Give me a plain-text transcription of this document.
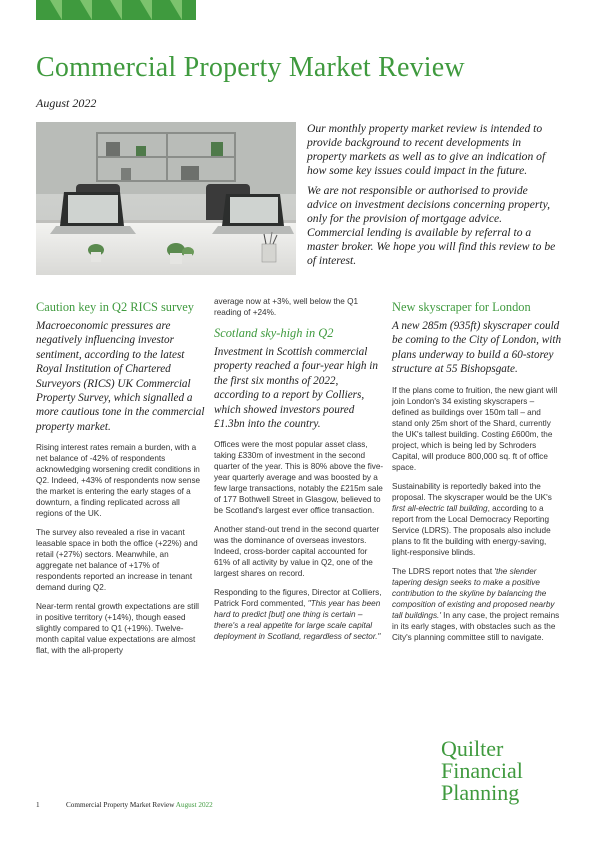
Commercial Property Market Review
August 2022

Our monthly property market review is intended to provide background to recent developments in property markets as well as to give an indication of how some key issues could impact in the future.

We are not responsible or authorised to provide advice on investment decisions concerning property, only for the provision of mortgage advice. Commercial lending is available by referral to a master broker. We hope you will find this review to be of interest.

Caution key in Q2 RICS survey
Macroeconomic pressures are negatively influencing investor sentiment, according to the latest Royal Institution of Chartered Surveyors (RICS) UK Commercial Property Survey, which signalled a more cautious tone in the commercial property market.

Rising interest rates remain a burden, with a net balance of -42% of respondents acknowledging worsening credit conditions in Q2. Indeed, +43% of respondents now sense the market is entering the early stages of a downturn, a finding replicated across all regions of the UK.

The survey also revealed a rise in vacant leasable space in both the office (+22%) and retail (+27%) sectors. Meanwhile, an aggregate net balance of +17% of respondents reported an increase in tenant demand during Q2.

Near-term rental growth expectations are still in positive territory (+14%), though eased slightly compared to Q1 (+19%). Twelve-month capital value expectations are almost flat, with the all-property

average now at +3%, well below the Q1 reading of +24%.

Scotland sky-high in Q2
Investment in Scottish commercial property reached a four-year high in the first six months of 2022, according to a report by Colliers, which showed investors poured £1.3bn into the country.

Offices were the most popular asset class, taking £330m of investment in the second quarter of the year. This is 80% above the five-year quarterly average and was boosted by a few large transactions, notably the £215m sale of 177 Bothwell Street in Glasgow, believed to be Scotland's largest ever office transaction.

Another stand-out trend in the second quarter was the dominance of overseas investors. Indeed, cross-border capital accounted for 61% of all activity by value in Q2, one of the largest shares on record.

Responding to the figures, Director at Colliers, Patrick Ford commented, "This year has been hard to predict [but] one thing is certain – there's a real appetite for large scale capital deployment in Scotland, regardless of sector."

New skyscraper for London
A new 285m (935ft) skyscraper could be coming to the City of London, with plans underway to build a 60-storey structure at 55 Bishopsgate.

If the plans come to fruition, the new giant will join London's 34 existing skyscrapers – defined as buildings over 150m tall – and stand only 25m short of the Shard, currently the UK's tallest building. Costing £600m, the project, which is being led by Schroders Capital, will produce 800,000 sq. ft of office space.

Sustainability is reportedly baked into the proposal. The skyscraper would be the UK's first all-electric tall building, according to a report from the Local Democracy Reporting Service (LDRS). The proposals also include plans to fit the building with energy-saving, light-responsive blinds.

The LDRS report notes that 'the slender tapering design seeks to make a positive contribution to the skyline by balancing the composition of existing and proposed nearby tall buildings.' In any case, the project remains in its early stages, with obstacles such as the City's planning committee still to navigate.

Quilter
Financial
Planning
1	Commercial Property Market Review August 2022
